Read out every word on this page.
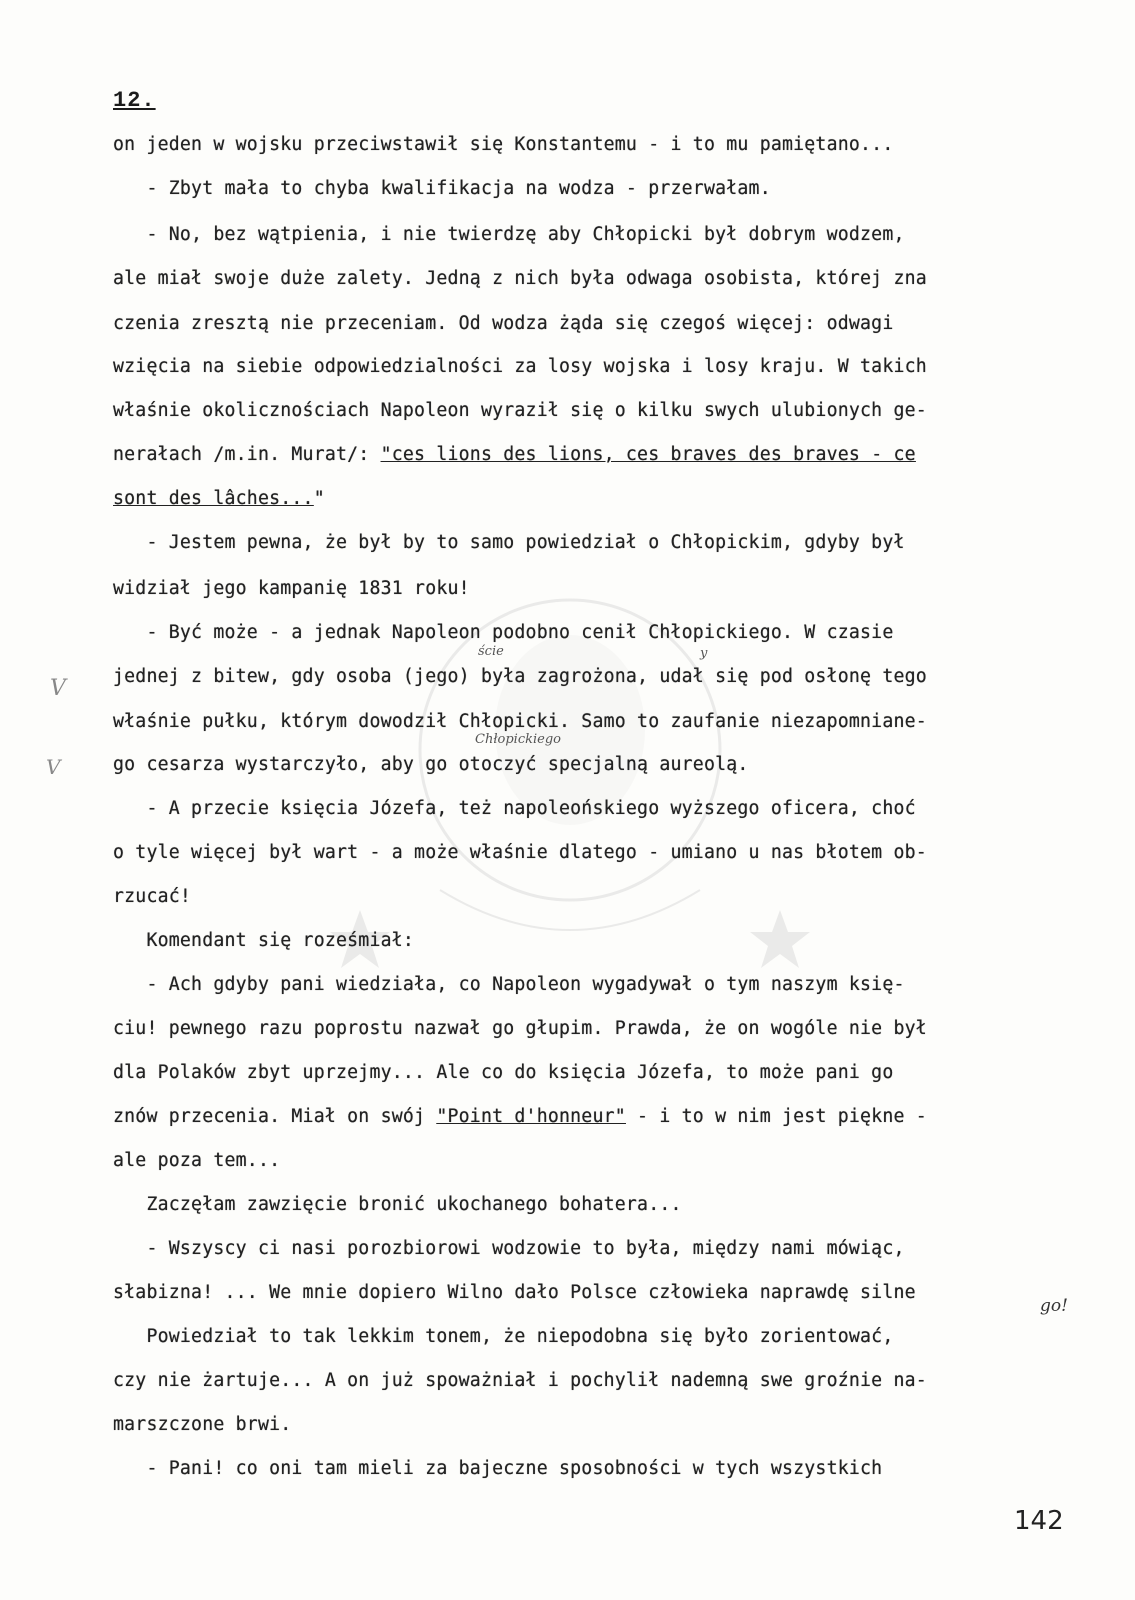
12.
on jeden w wojsku przeciwstawił się Konstantemu - i to mu pamiętano...
- Zbyt mała to chyba kwalifikacja na wodza - przerwałam.
- No, bez wątpienia, i nie twierdzę aby Chłopicki był dobrym wodzem,
ale miał swoje duże zalety. Jedną z nich była odwaga osobista, której zna
czenia zresztą nie przeceniam. Od wodza żąda się czegoś więcej: odwagi
wzięcia na siebie odpowiedzialności za losy wojska i losy kraju. W takich
właśnie okolicznościach Napoleon wyraził się o kilku swych ulubionych ge-
nerałach /m.in. Murat/: "ces lions des lions, ces braves des braves - ce
sont des lâches..."
- Jestem pewna, że był by to samo powiedział o Chłopickim, gdyby był
widział jego kampanię 1831 roku!
- Być może - a jednak Napoleon podobno cenił Chłopickiego. W czasie
jednej z bitew, gdy osoba (jego) była zagrożona, udał się pod osłonę tego
właśnie pułku, którym dowodził Chłopicki. Samo to zaufanie niezapomniane-
go cesarza wystarczyło, aby go otoczyć specjalną aureolą.
- A przecie księcia Józefa, też napoleońskiego wyższego oficera, choć
o tyle więcej był wart - a może właśnie dlatego - umiano u nas błotem ob-
rzucać!
Komendant się roześmiał:
- Ach gdyby pani wiedziała, co Napoleon wygadywał o tym naszym księ-
ciu! pewnego razu poprostu nazwał go głupim. Prawda, że on wogóle nie był
dla Polaków zbyt uprzejmy... Ale co do księcia Józefa, to może pani go
znów przecenia. Miał on swój "Point d'honneur" - i to w nim jest piękne -
ale poza tem...
Zaczęłam zawzięcie bronić ukochanego bohatera...
- Wszyscy ci nasi porozbiorowi wodzowie to była, między nami mówiąc,
słabizna! ... We mnie dopiero Wilno dało Polsce człowieka naprawdę silne
Powiedział to tak lekkim tonem, że niepodobna się było zorientować,
czy nie żartuje... A on już spoważniał i pochylił nademną swe groźnie na-
marszczone brwi.
- Pani! co oni tam mieli za bajeczne sposobności w tych wszystkich
ście	y
Chłopickiego
go!
V
V
142
